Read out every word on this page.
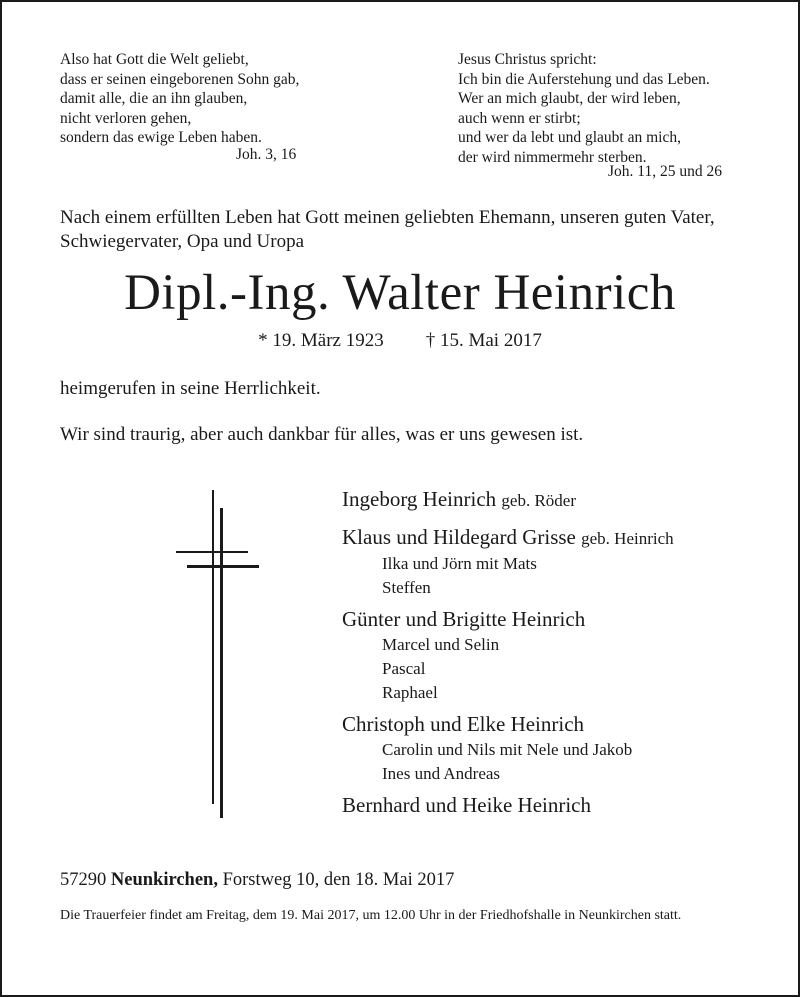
Also hat Gott die Welt geliebt,
dass er seinen eingeborenen Sohn gab,
damit alle, die an ihn glauben,
nicht verloren gehen,
sondern das ewige Leben haben.
Joh. 3, 16
Jesus Christus spricht:
Ich bin die Auferstehung und das Leben.
Wer an mich glaubt, der wird leben,
auch wenn er stirbt;
und wer da lebt und glaubt an mich,
der wird nimmermehr sterben.
Joh. 11, 25 und 26
Nach einem erfüllten Leben hat Gott meinen geliebten Ehemann, unseren guten Vater,
Schwiegervater, Opa und Uropa
Dipl.-Ing. Walter Heinrich
* 19. März 1923 † 15. Mai 2017
heimgerufen in seine Herrlichkeit.
Wir sind traurig, aber auch dankbar für alles, was er uns gewesen ist.
Ingeborg Heinrich geb. Röder
Klaus und Hildegard Grisse geb. Heinrich
Ilka und Jörn mit Mats
Steffen
Günter und Brigitte Heinrich
Marcel und Selin
Pascal
Raphael
Christoph und Elke Heinrich
Carolin und Nils mit Nele und Jakob
Ines und Andreas
Bernhard und Heike Heinrich
57290 Neunkirchen, Forstweg 10, den 18. Mai 2017
Die Trauerfeier findet am Freitag, dem 19. Mai 2017, um 12.00 Uhr in der Friedhofshalle in Neunkirchen statt.
